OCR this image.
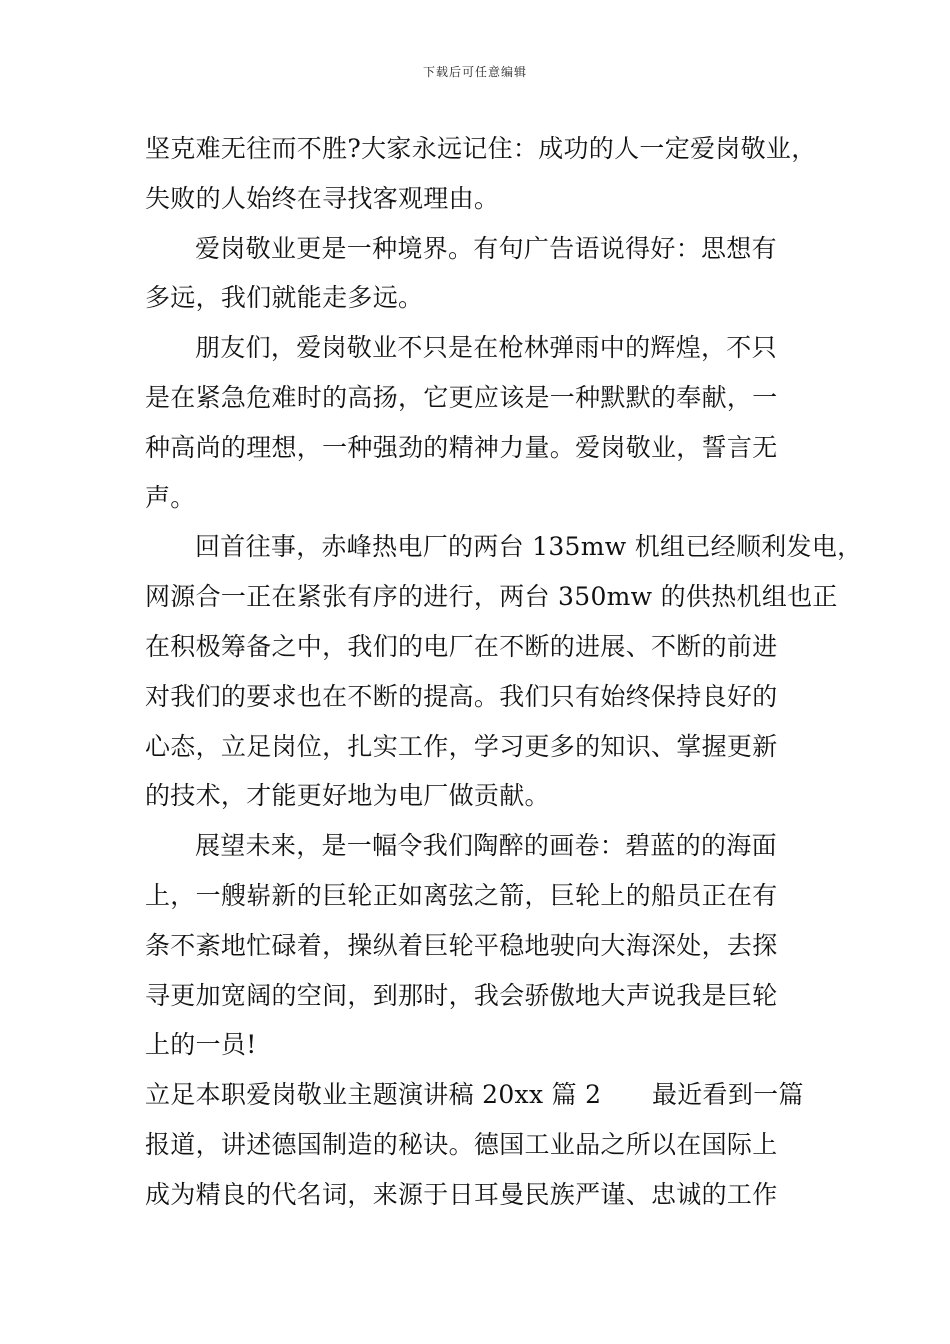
下载后可任意编辑
坚克难无往而不胜?大家永远记住：成功的人一定爱岗敬业，
失败的人始终在寻找客观理由。
爱岗敬业更是一种境界。有句广告语说得好：思想有
多远，我们就能走多远。
朋友们，爱岗敬业不只是在枪林弹雨中的辉煌，不只
是在紧急危难时的高扬，它更应该是一种默默的奉献，一
种高尚的理想，一种强劲的精神力量。爱岗敬业，誓言无
声。
回首往事，赤峰热电厂的两台 135mw 机组已经顺利发电，
网源合一正在紧张有序的进行，两台 350mw 的供热机组也正
在积极筹备之中，我们的电厂在不断的进展、不断的前进
对我们的要求也在不断的提高。我们只有始终保持良好的
心态，立足岗位，扎实工作，学习更多的知识、掌握更新
的技术，才能更好地为电厂做贡献。
展望未来，是一幅令我们陶醉的画卷：碧蓝的的海面
上，一艘崭新的巨轮正如离弦之箭，巨轮上的船员正在有
条不紊地忙碌着，操纵着巨轮平稳地驶向大海深处，去探
寻更加宽阔的空间，到那时，我会骄傲地大声说我是巨轮
上的一员!
立足本职爱岗敬业主题演讲稿 20xx 篇 2　　最近看到一篇
报道，讲述德国制造的秘诀。德国工业品之所以在国际上
成为精良的代名词，来源于日耳曼民族严谨、忠诚的工作
